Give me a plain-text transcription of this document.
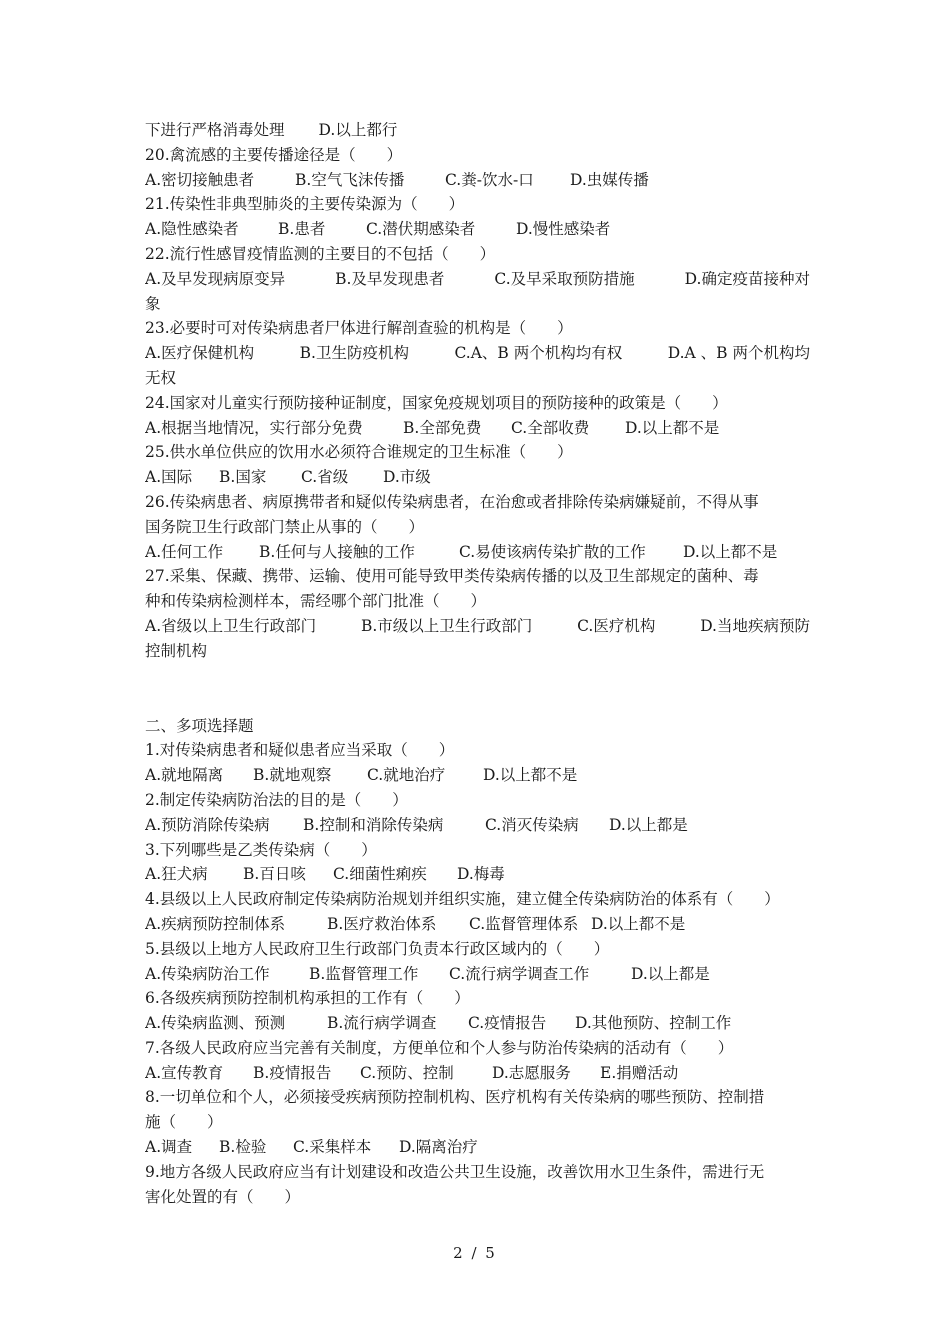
下进行严格消毒处理 D.以上都行
20.禽流感的主要传播途径是（　　）
A.密切接触患者	B.空气飞沫传播	C.粪-饮水-口 D.虫媒传播
21.传染性非典型肺炎的主要传染源为（　　）
A.隐性感染者	B.患者	C.潜伏期感染者	D.慢性感染者
22.流行性感冒疫情监测的主要目的不包括（　　）
A.及早发现病原变异	B.及早发现患者	C.及早采取预防措施	D.确定疫苗接种对
象
23.必要时可对传染病患者尸体进行解剖查验的机构是（　　）
A.医疗保健机构	B.卫生防疫机构	C.A、B 两个机构均有权	D.A 、B 两个机构均
无权
24.国家对儿童实行预防接种证制度，国家免疫规划项目的预防接种的政策是（　　）
A.根据当地情况，实行部分免费	B.全部免费 C.全部收费 D.以上都不是
25.供水单位供应的饮用水必须符合谁规定的卫生标准（　　）
A.国际 B.国家 C.省级 D.市级
26.传染病患者、病原携带者和疑似传染病患者，在治愈或者排除传染病嫌疑前，不得从事
国务院卫生行政部门禁止从事的（　　）
A.任何工作 B.任何与人接触的工作	C.易使该病传染扩散的工作 D.以上都不是
27.采集、保藏、携带、运输、使用可能导致甲类传染病传播的以及卫生部规定的菌种、毒
种和传染病检测样本，需经哪个部门批准（　　）
A.省级以上卫生行政部门	B.市级以上卫生行政部门	C.医疗机构	D.当地疾病预防
控制机构
二、多项选择题
1.对传染病患者和疑似患者应当采取（　　）
A.就地隔离 B.就地观察 C.就地治疗 D.以上都不是
2.制定传染病防治法的目的是（　　）
A.预防消除传染病 B.控制和消除传染病	C.消灭传染病 D.以上都是
3.下列哪些是乙类传染病（　　）
A.狂犬病 B.百日咳 C.细菌性痢疾 D.梅毒
4.县级以上人民政府制定传染病防治规划并组织实施，建立健全传染病防治的体系有（　　）
A.疾病预防控制体系	B.医疗救治体系 C.监督管理体系 D.以上都不是
5.县级以上地方人民政府卫生行政部门负责本行政区域内的（　　）
A.传染病防治工作	B.监督管理工作 C.流行病学调查工作	D.以上都是
6.各级疾病预防控制机构承担的工作有（　　）
A.传染病监测、预测	B.流行病学调查 C.疫情报告 D.其他预防、控制工作
7.各级人民政府应当完善有关制度，方便单位和个人参与防治传染病的活动有（　　）
A.宣传教育 B.疫情报告 C.预防、控制 D.志愿服务 E.捐赠活动
8.一切单位和个人，必须接受疾病预防控制机构、医疗机构有关传染病的哪些预防、控制措
施（　　）
A.调查 B.检验 C.采集样本 D.隔离治疗
9.地方各级人民政府应当有计划建设和改造公共卫生设施，改善饮用水卫生条件，需进行无
害化处置的有（　　）
2 / 5
